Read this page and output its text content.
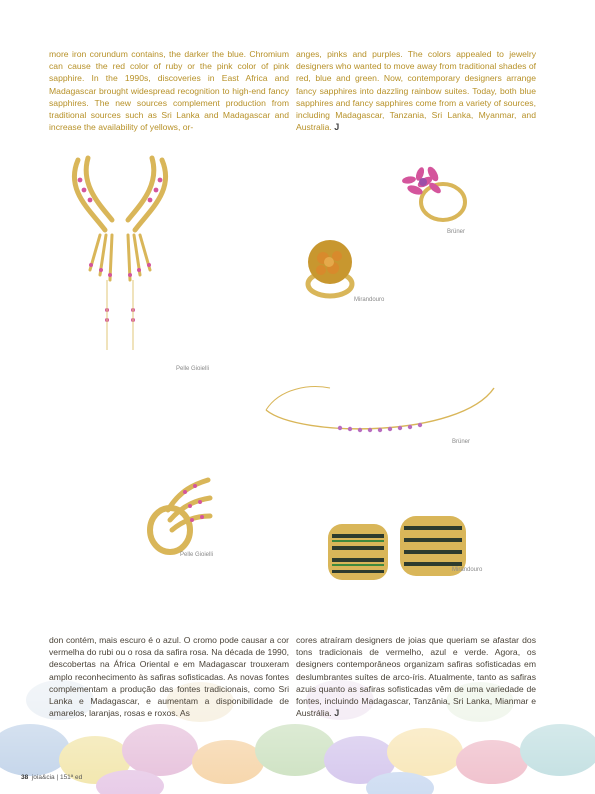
more iron corundum contains, the darker the blue. Chromium can cause the red color of ruby or the pink color of pink sapphire. In the 1990s, discoveries in East Africa and Madagascar brought widespread recognition to high-end fancy sapphires. The new sources complement production from traditional sources such as Sri Lanka and Madagascar and increase the availability of yellows, or-

anges, pinks and purples. The colors appealed to jewelry designers who wanted to move away from traditional shades of red, blue and green. Now, contemporary designers arrange fancy sapphires into dazzling rainbow suites. Today, both blue sapphires and fancy sapphires come from a variety of sources, including Madagascar, Tanzania, Sri Lanka, Myanmar, and Australia. J

Pelle Gioielli
Brüner
Mirandouro
Brüner
Pelle Gioielli
Mirandouro

don contém, mais escuro é o azul. O cromo pode causar a cor vermelha do rubi ou o rosa da safira rosa. Na década de 1990, descobertas na África Oriental e em Madagascar trouxeram amplo reconhecimento às safiras sofisticadas. As novas fontes complementam a produção das fontes tradicionais, como Sri Lanka e Madagascar, e aumentam a disponibilidade de amarelos, laranjas, rosas e roxos. As

cores atraíram designers de joias que queriam se afastar dos tons tradicionais de vermelho, azul e verde. Agora, os designers contemporâneos organizam safiras sofisticadas em deslumbrantes suítes de arco-íris. Atualmente, tanto as safiras azuis quanto as safiras sofisticadas vêm de uma variedade de fontes, incluindo Madagascar, Tanzânia, Sri Lanka, Mianmar e Austrália. J

38 joia&cia | 151ª ed
